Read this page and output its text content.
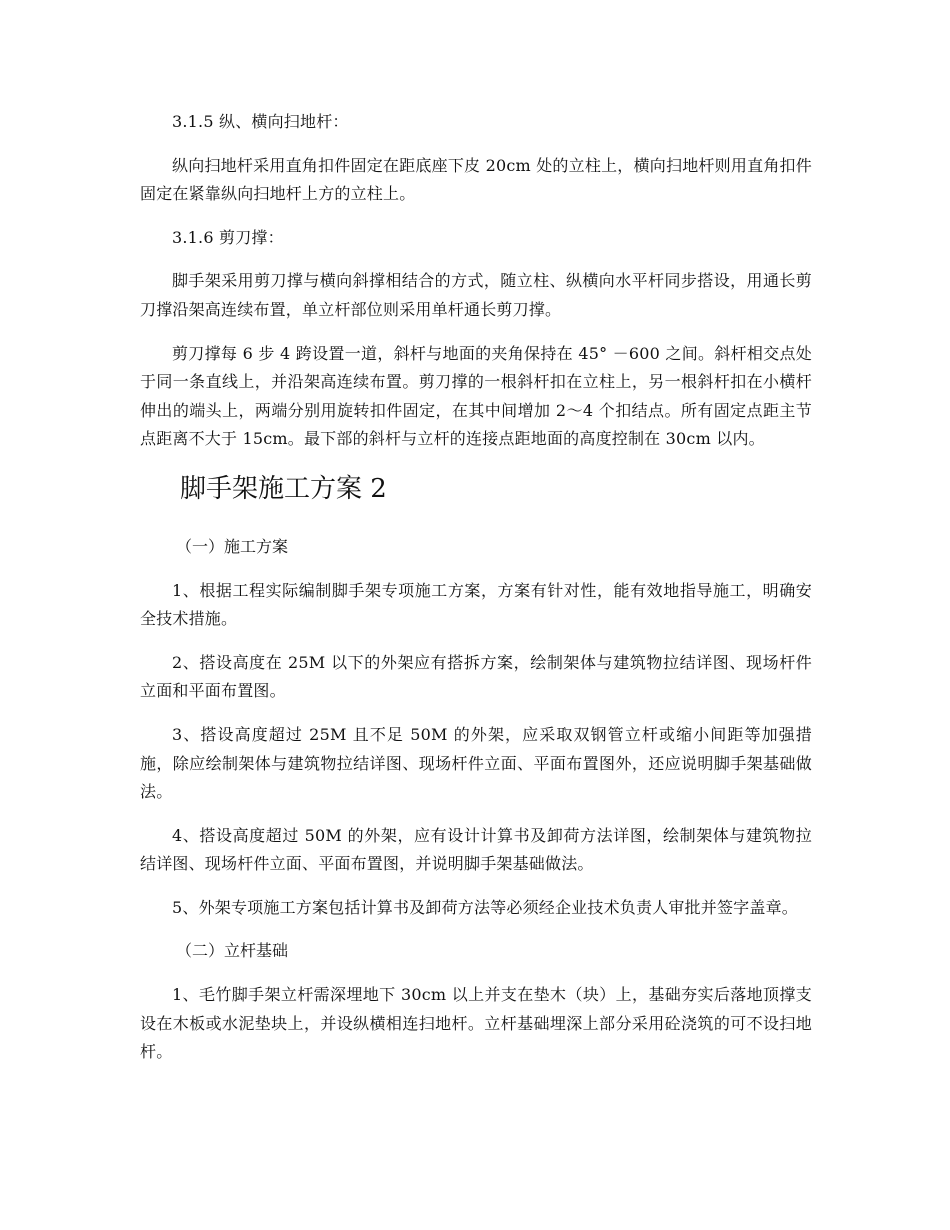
3.1.5 纵、横向扫地杆：

纵向扫地杆采用直角扣件固定在距底座下皮 20cm 处的立柱上，横向扫地杆则用直角扣件固定在紧靠纵向扫地杆上方的立柱上。

3.1.6 剪刀撑：

脚手架采用剪刀撑与横向斜撑相结合的方式，随立柱、纵横向水平杆同步搭设，用通长剪刀撑沿架高连续布置，单立杆部位则采用单杆通长剪刀撑。

剪刀撑每 6 步 4 跨设置一道，斜杆与地面的夹角保持在 45° －600 之间。斜杆相交点处于同一条直线上，并沿架高连续布置。剪刀撑的一根斜杆扣在立柱上，另一根斜杆扣在小横杆伸出的端头上，两端分别用旋转扣件固定，在其中间增加 2～4 个扣结点。所有固定点距主节点距离不大于 15cm。最下部的斜杆与立杆的连接点距地面的高度控制在 30cm 以内。

脚手架施工方案 2

（一）施工方案

1、根据工程实际编制脚手架专项施工方案，方案有针对性，能有效地指导施工，明确安全技术措施。

2、搭设高度在 25M 以下的外架应有搭拆方案，绘制架体与建筑物拉结详图、现场杆件立面和平面布置图。

3、搭设高度超过 25M 且不足 50M 的外架，应采取双钢管立杆或缩小间距等加强措施，除应绘制架体与建筑物拉结详图、现场杆件立面、平面布置图外，还应说明脚手架基础做法。

4、搭设高度超过 50M 的外架，应有设计计算书及卸荷方法详图，绘制架体与建筑物拉结详图、现场杆件立面、平面布置图，并说明脚手架基础做法。

5、外架专项施工方案包括计算书及卸荷方法等必须经企业技术负责人审批并签字盖章。

（二）立杆基础

1、毛竹脚手架立杆需深埋地下 30cm 以上并支在垫木（块）上，基础夯实后落地顶撑支设在木板或水泥垫块上，并设纵横相连扫地杆。立杆基础埋深上部分采用砼浇筑的可不设扫地杆。
